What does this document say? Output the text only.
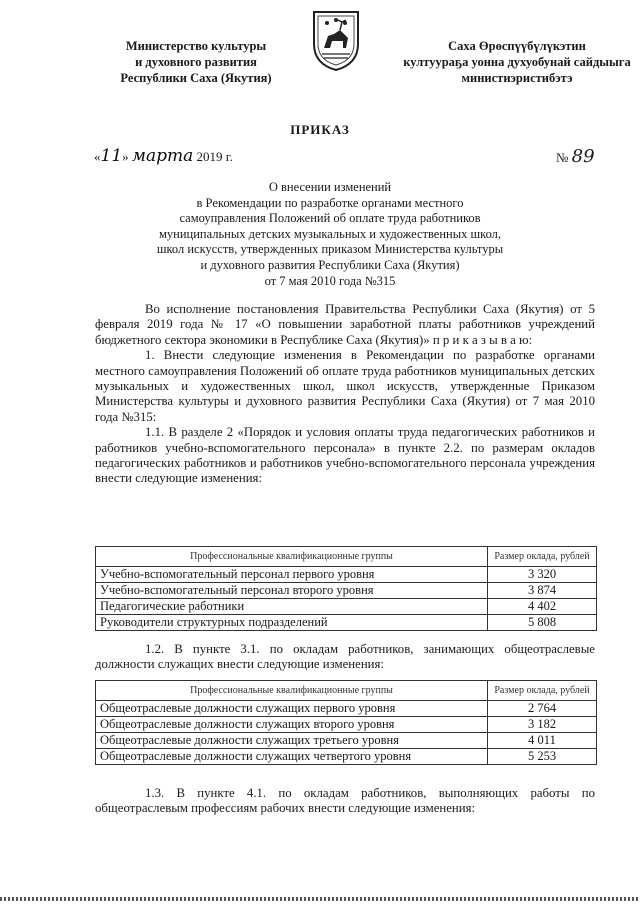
Министерство культуры
и духовного развития
Республики Саха (Якутия)
Саха Өрөспүүбүлүкэтин
култуураҕа уонна духуобунай сайдыыга
министиэристибэтэ
ПРИКАЗ
«11» марта 2019 г.	№ 89
О внесении изменений
в Рекомендации по разработке органами местного
самоуправления Положений об оплате труда работников
муниципальных детских музыкальных и художественных школ,
школ искусств, утвержденных приказом Министерства культуры
и духовного развития Республики Саха (Якутия)
от 7 мая 2010 года №315

Во исполнение постановления Правительства Республики Саха (Якутия) от 5 февраля 2019 года № 17 «О повышении заработной платы работников учреждений бюджетного сектора экономики в Республике Саха (Якутия)» п р и к а з ы в а ю:

1. Внести следующие изменения в Рекомендации по разработке органами местного самоуправления Положений об оплате труда работников муниципальных детских музыкальных и художественных школ, школ искусств, утвержденные Приказом Министерства культуры и духовного развития Республики Саха (Якутия) от 7 мая 2010 года №315:

1.1. В разделе 2 «Порядок и условия оплаты труда педагогических работников и работников учебно-вспомогательного персонала» в пункте 2.2. по размерам окладов педагогических работников и работников учебно-вспомогательного персонала учреждения внести следующие изменения:

Профессиональные квалификационные группы	Размер оклада, рублей
Учебно-вспомогательный персонал первого уровня	3 320
Учебно-вспомогательный персонал второго уровня	3 874
Педагогические работники	4 402
Руководители структурных подразделений	5 808

1.2. В пункте 3.1. по окладам работников, занимающих общеотраслевые должности служащих внести следующие изменения:

Профессиональные квалификационные группы	Размер оклада, рублей
Общеотраслевые должности служащих первого уровня	2 764
Общеотраслевые должности служащих второго уровня	3 182
Общеотраслевые должности служащих третьего уровня	4 011
Общеотраслевые должности служащих четвертого уровня	5 253

1.3. В пункте 4.1. по окладам работников, выполняющих работы по общеотраслевым профессиям рабочих внести следующие изменения:
